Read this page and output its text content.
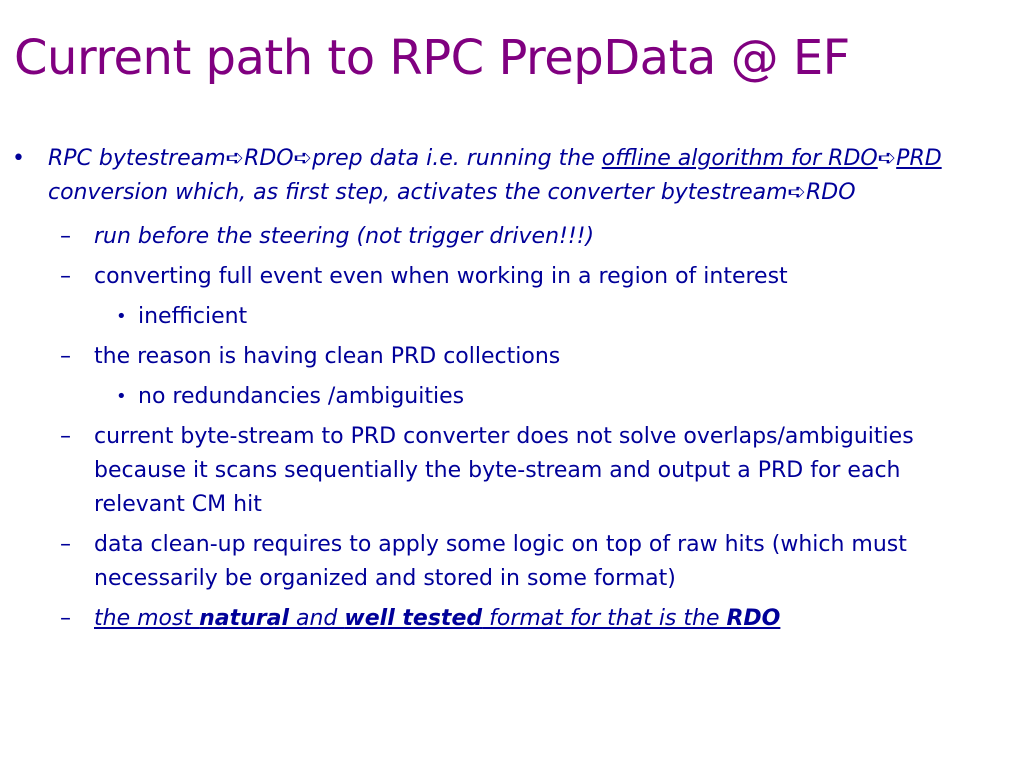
Current path to RPC PrepData @ EF
• RPC bytestream➪RDO➪prep data i.e. running the offline algorithm for RDO➪PRD conversion which, as first step, activates the converter bytestream➪RDO
– run before the steering (not trigger driven!!!)
– converting full event even when working in a region of interest
• inefficient
– the reason is having clean PRD collections
• no redundancies /ambiguities
– current byte-stream to PRD converter does not solve overlaps/ambiguities because it scans sequentially the byte-stream and output a PRD for each relevant CM hit
– data clean-up requires to apply some logic on top of raw hits (which must necessarily be organized and stored in some format)
– the most natural and well tested format for that is the RDO
